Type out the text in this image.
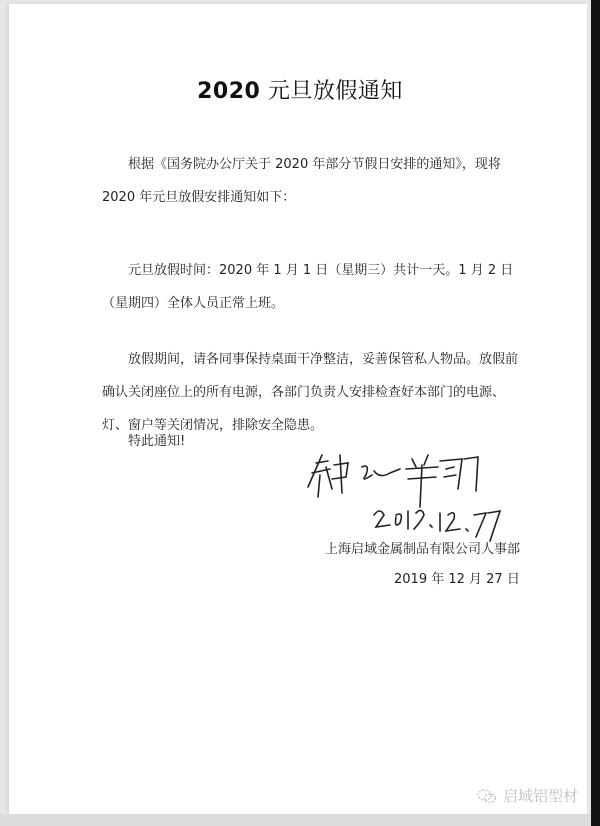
2020 元旦放假通知
根据《国务院办公厅关于 2020 年部分节假日安排的通知》，现将 2020 年元旦放假安排通知如下：
元旦放假时间：2020 年 1 月 1 日（星期三）共计一天。1 月 2 日（星期四）全体人员正常上班。
放假期间，请各同事保持桌面干净整洁，妥善保管私人物品。放假前确认关闭座位上的所有电源，各部门负责人安排检查好本部门的电源、灯、窗户等关闭情况，排除安全隐患。
特此通知!
上海启域金属制品有限公司人事部
2019 年 12 月 27 日
启域铝型材
